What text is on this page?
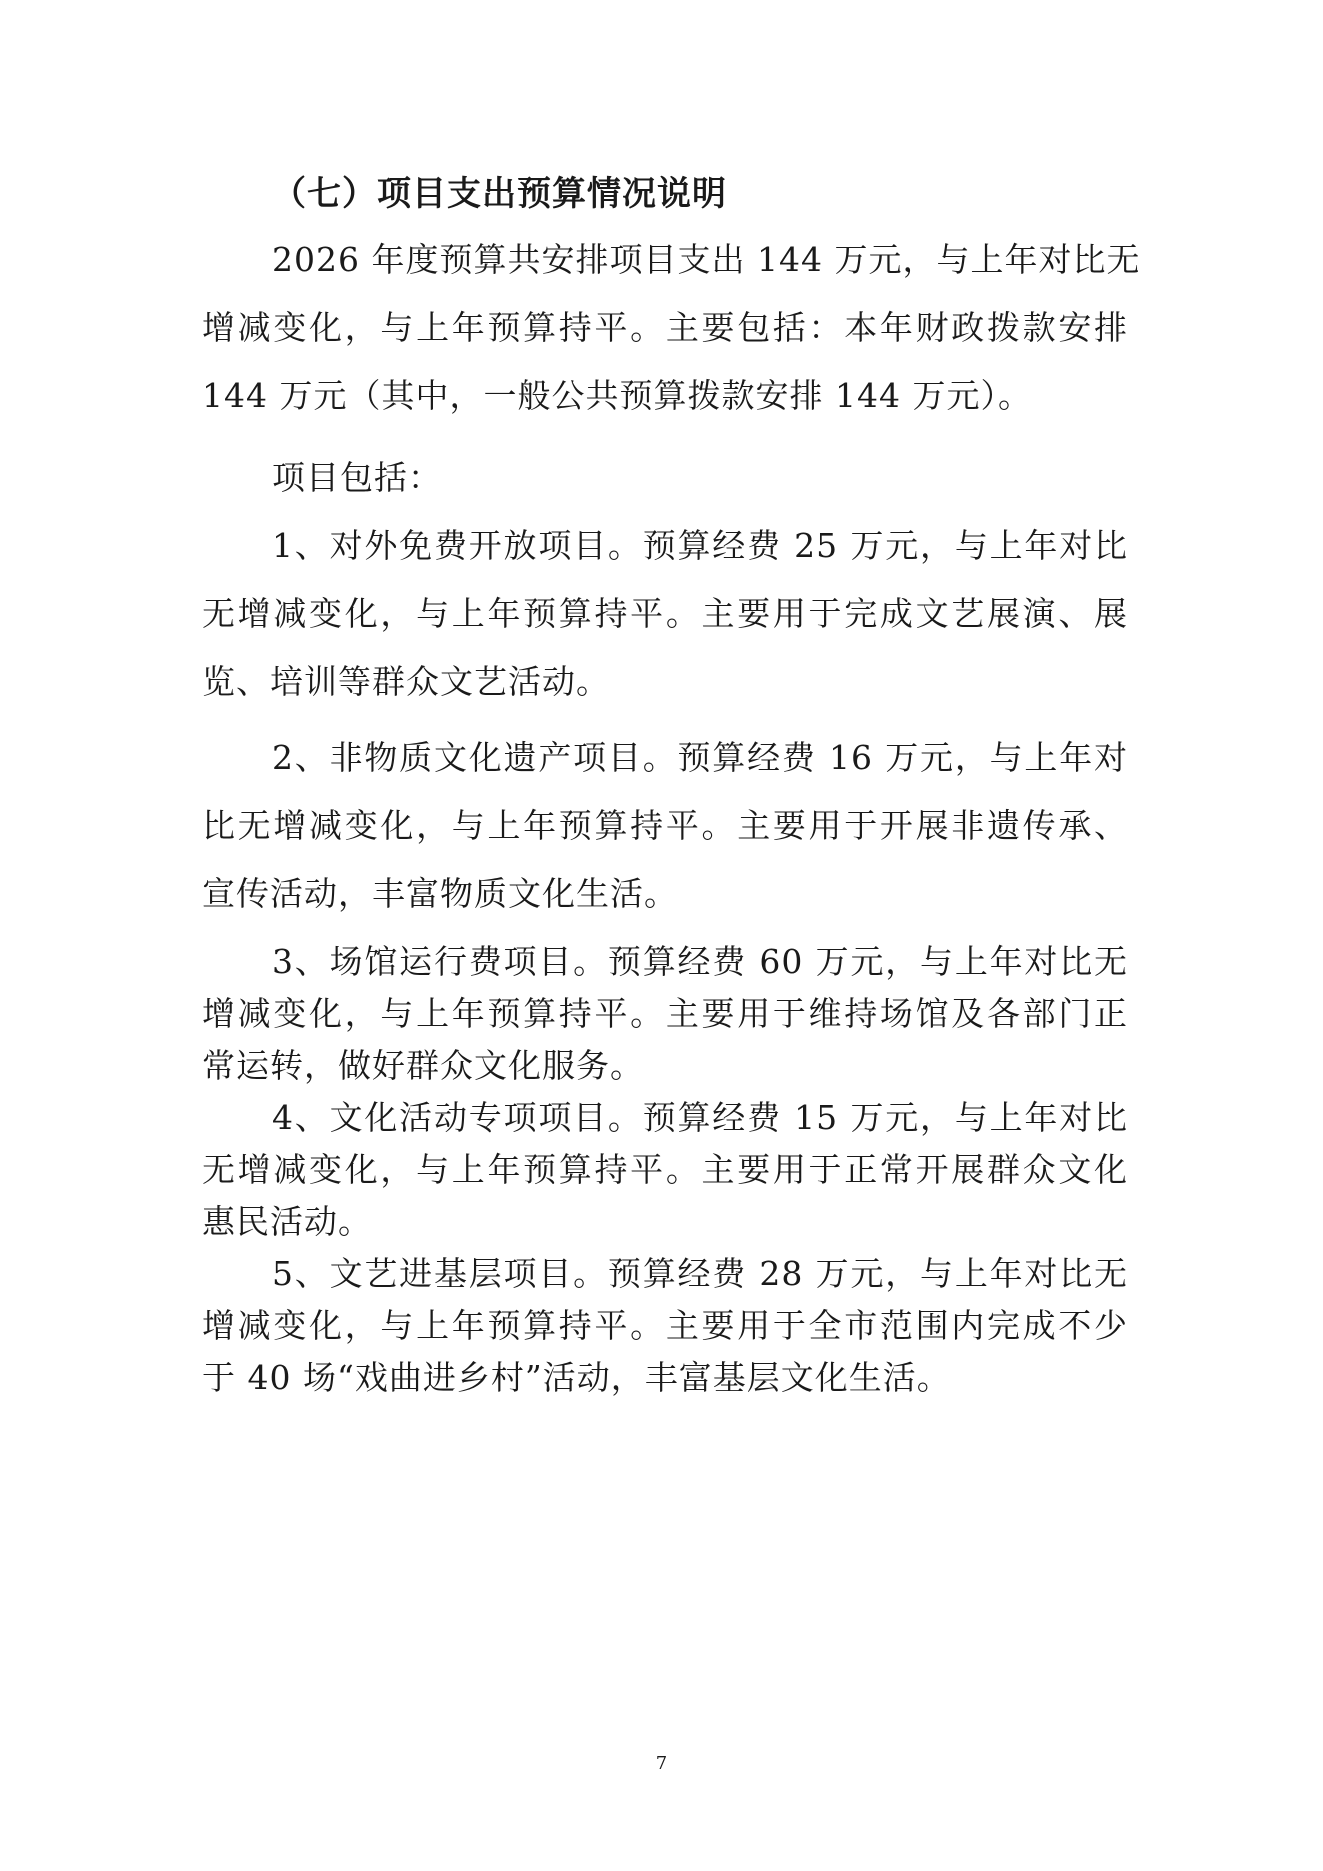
（七）项目支出预算情况说明
2026 年度预算共安排项目支出 144 万元，与上年对比无
增减变化，与上年预算持平。主要包括：本年财政拨款安排
144 万元（其中，一般公共预算拨款安排 144 万元）。
项目包括：
1、对外免费开放项目。预算经费 25 万元，与上年对比
无增减变化，与上年预算持平。主要用于完成文艺展演、展
览、培训等群众文艺活动。
2、非物质文化遗产项目。预算经费 16 万元，与上年对
比无增减变化，与上年预算持平。主要用于开展非遗传承、
宣传活动，丰富物质文化生活。
3、场馆运行费项目。预算经费 60 万元，与上年对比无
增减变化，与上年预算持平。主要用于维持场馆及各部门正
常运转，做好群众文化服务。
4、文化活动专项项目。预算经费 15 万元，与上年对比
无增减变化，与上年预算持平。主要用于正常开展群众文化
惠民活动。
5、文艺进基层项目。预算经费 28 万元，与上年对比无
增减变化，与上年预算持平。主要用于全市范围内完成不少
于 40 场“戏曲进乡村”活动，丰富基层文化生活。
7
